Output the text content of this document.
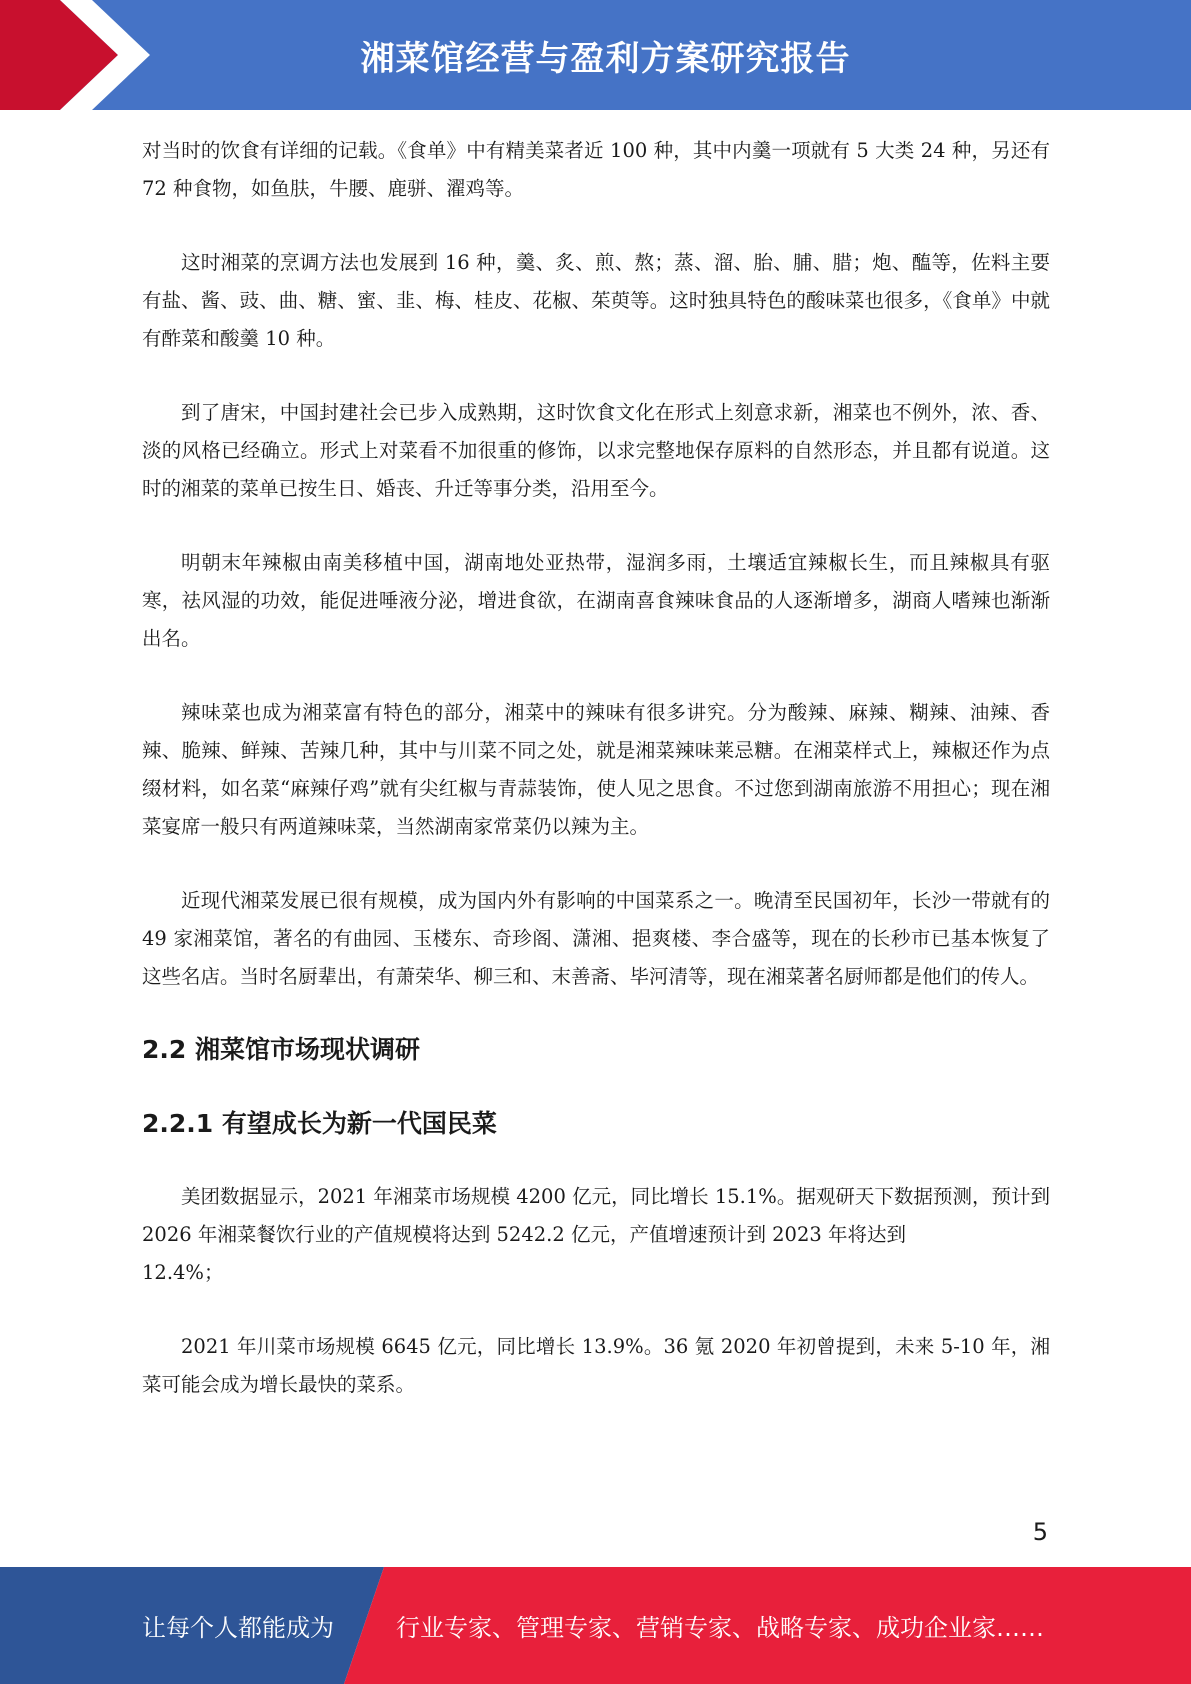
湘菜馆经营与盈利方案研究报告

对当时的饮食有详细的记载。《食单》中有精美菜者近 100 种，其中内羹一项就有 5 大类 24 种，另还有 72 种食物，如鱼肤，牛腰、鹿骈、濯鸡等。

这时湘菜的烹调方法也发展到 16 种，羹、炙、煎、熬；蒸、溜、胎、脯、腊；炮、醢等，佐料主要有盐、酱、豉、曲、糖、蜜、韭、梅、桂皮、花椒、茱萸等。这时独具特色的酸味菜也很多，《食单》中就有酢菜和酸羹 10 种。

到了唐宋，中国封建社会已步入成熟期，这时饮食文化在形式上刻意求新，湘菜也不例外，浓、香、淡的风格已经确立。形式上对菜看不加很重的修饰，以求完整地保存原料的自然形态，并且都有说道。这时的湘菜的菜单已按生日、婚丧、升迁等事分类，沿用至今。

明朝末年辣椒由南美移植中国，湖南地处亚热带，湿润多雨，土壤适宜辣椒长生，而且辣椒具有驱寒，祛风湿的功效，能促进唾液分泌，增进食欲，在湖南喜食辣味食品的人逐渐增多，湖商人嗜辣也渐渐出名。

辣味菜也成为湘菜富有特色的部分，湘菜中的辣味有很多讲究。分为酸辣、麻辣、糊辣、油辣、香辣、脆辣、鲜辣、苦辣几种，其中与川菜不同之处，就是湘菜辣味莱忌糖。在湘菜样式上，辣椒还作为点缀材料，如名菜“麻辣仔鸡”就有尖红椒与青蒜装饰，使人见之思食。不过您到湖南旅游不用担心；现在湘菜宴席一般只有两道辣味菜，当然湖南家常菜仍以辣为主。

近现代湘菜发展已很有规模，成为国内外有影响的中国菜系之一。晚清至民国初年，长沙一带就有的 49 家湘菜馆，著名的有曲园、玉楼东、奇珍阁、潇湘、挹爽楼、李合盛等，现在的长秒市已基本恢复了这些名店。当时名厨辈出，有萧荣华、柳三和、末善斋、毕河清等，现在湘菜著名厨师都是他们的传人。

2.2 湘菜馆市场现状调研
2.2.1 有望成长为新一代国民菜

美团数据显示，2021 年湘菜市场规模 4200 亿元，同比增长 15.1%。据观研天下数据预测，预计到 2026 年湘菜餐饮行业的产值规模将达到 5242.2 亿元，产值增速预计到 2023 年将达到

12.4%；

2021 年川菜市场规模 6645 亿元，同比增长 13.9%。36 氪 2020 年初曾提到，未来 5-10 年，湘菜可能会成为增长最快的菜系。

5
让每个人都能成为	行业专家、管理专家、营销专家、战略专家、成功企业家……
